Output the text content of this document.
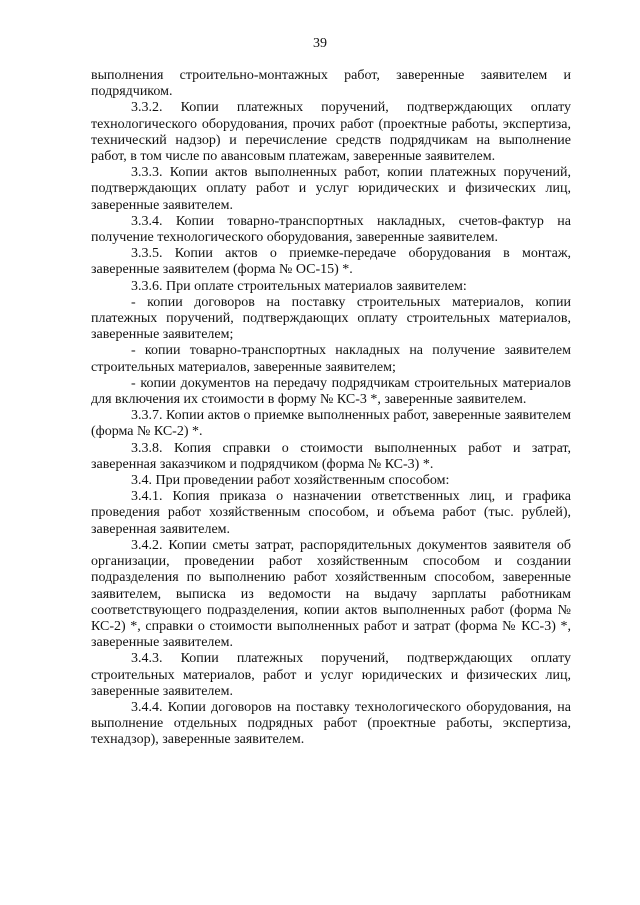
39

выполнения строительно-монтажных работ, заверенные заявителем и подрядчиком.

3.3.2. Копии платежных поручений, подтверждающих оплату технологического оборудования, прочих работ (проектные работы, экспертиза, технический надзор) и перечисление средств подрядчикам на выполнение работ, в том числе по авансовым платежам, заверенные заявителем.

3.3.3. Копии актов выполненных работ, копии платежных поручений, подтверждающих оплату работ и услуг юридических и физических лиц, заверенные заявителем.

3.3.4. Копии товарно-транспортных накладных, счетов-фактур на получение технологического оборудования, заверенные заявителем.

3.3.5. Копии актов о приемке-передаче оборудования в монтаж, заверенные заявителем (форма № ОС-15) *.

3.3.6. При оплате строительных материалов заявителем:

- копии договоров на поставку строительных материалов, копии платежных поручений, подтверждающих оплату строительных материалов, заверенные заявителем;

- копии товарно-транспортных накладных на получение заявителем строительных материалов, заверенные заявителем;

- копии документов на передачу подрядчикам строительных материалов для включения их стоимости в форму № КС-3 *, заверенные заявителем.

3.3.7. Копии актов о приемке выполненных работ, заверенные заявителем (форма № КС-2) *.

3.3.8. Копия справки о стоимости выполненных работ и затрат, заверенная заказчиком и подрядчиком (форма № КС-3) *.

3.4. При проведении работ хозяйственным способом:

3.4.1. Копия приказа о назначении ответственных лиц, и графика проведения работ хозяйственным способом, и объема работ (тыс. рублей), заверенная заявителем.

3.4.2. Копии сметы затрат, распорядительных документов заявителя об организации, проведении работ хозяйственным способом и создании подразделения по выполнению работ хозяйственным способом, заверенные заявителем, выписка из ведомости на выдачу зарплаты работникам соответствующего подразделения, копии актов выполненных работ (форма № КС-2) *, справки о стоимости выполненных работ и затрат (форма № КС-3) *, заверенные заявителем.

3.4.3. Копии платежных поручений, подтверждающих оплату строительных материалов, работ и услуг юридических и физических лиц, заверенные заявителем.

3.4.4. Копии договоров на поставку технологического оборудования, на выполнение отдельных подрядных работ (проектные работы, экспертиза, технадзор), заверенные заявителем.
